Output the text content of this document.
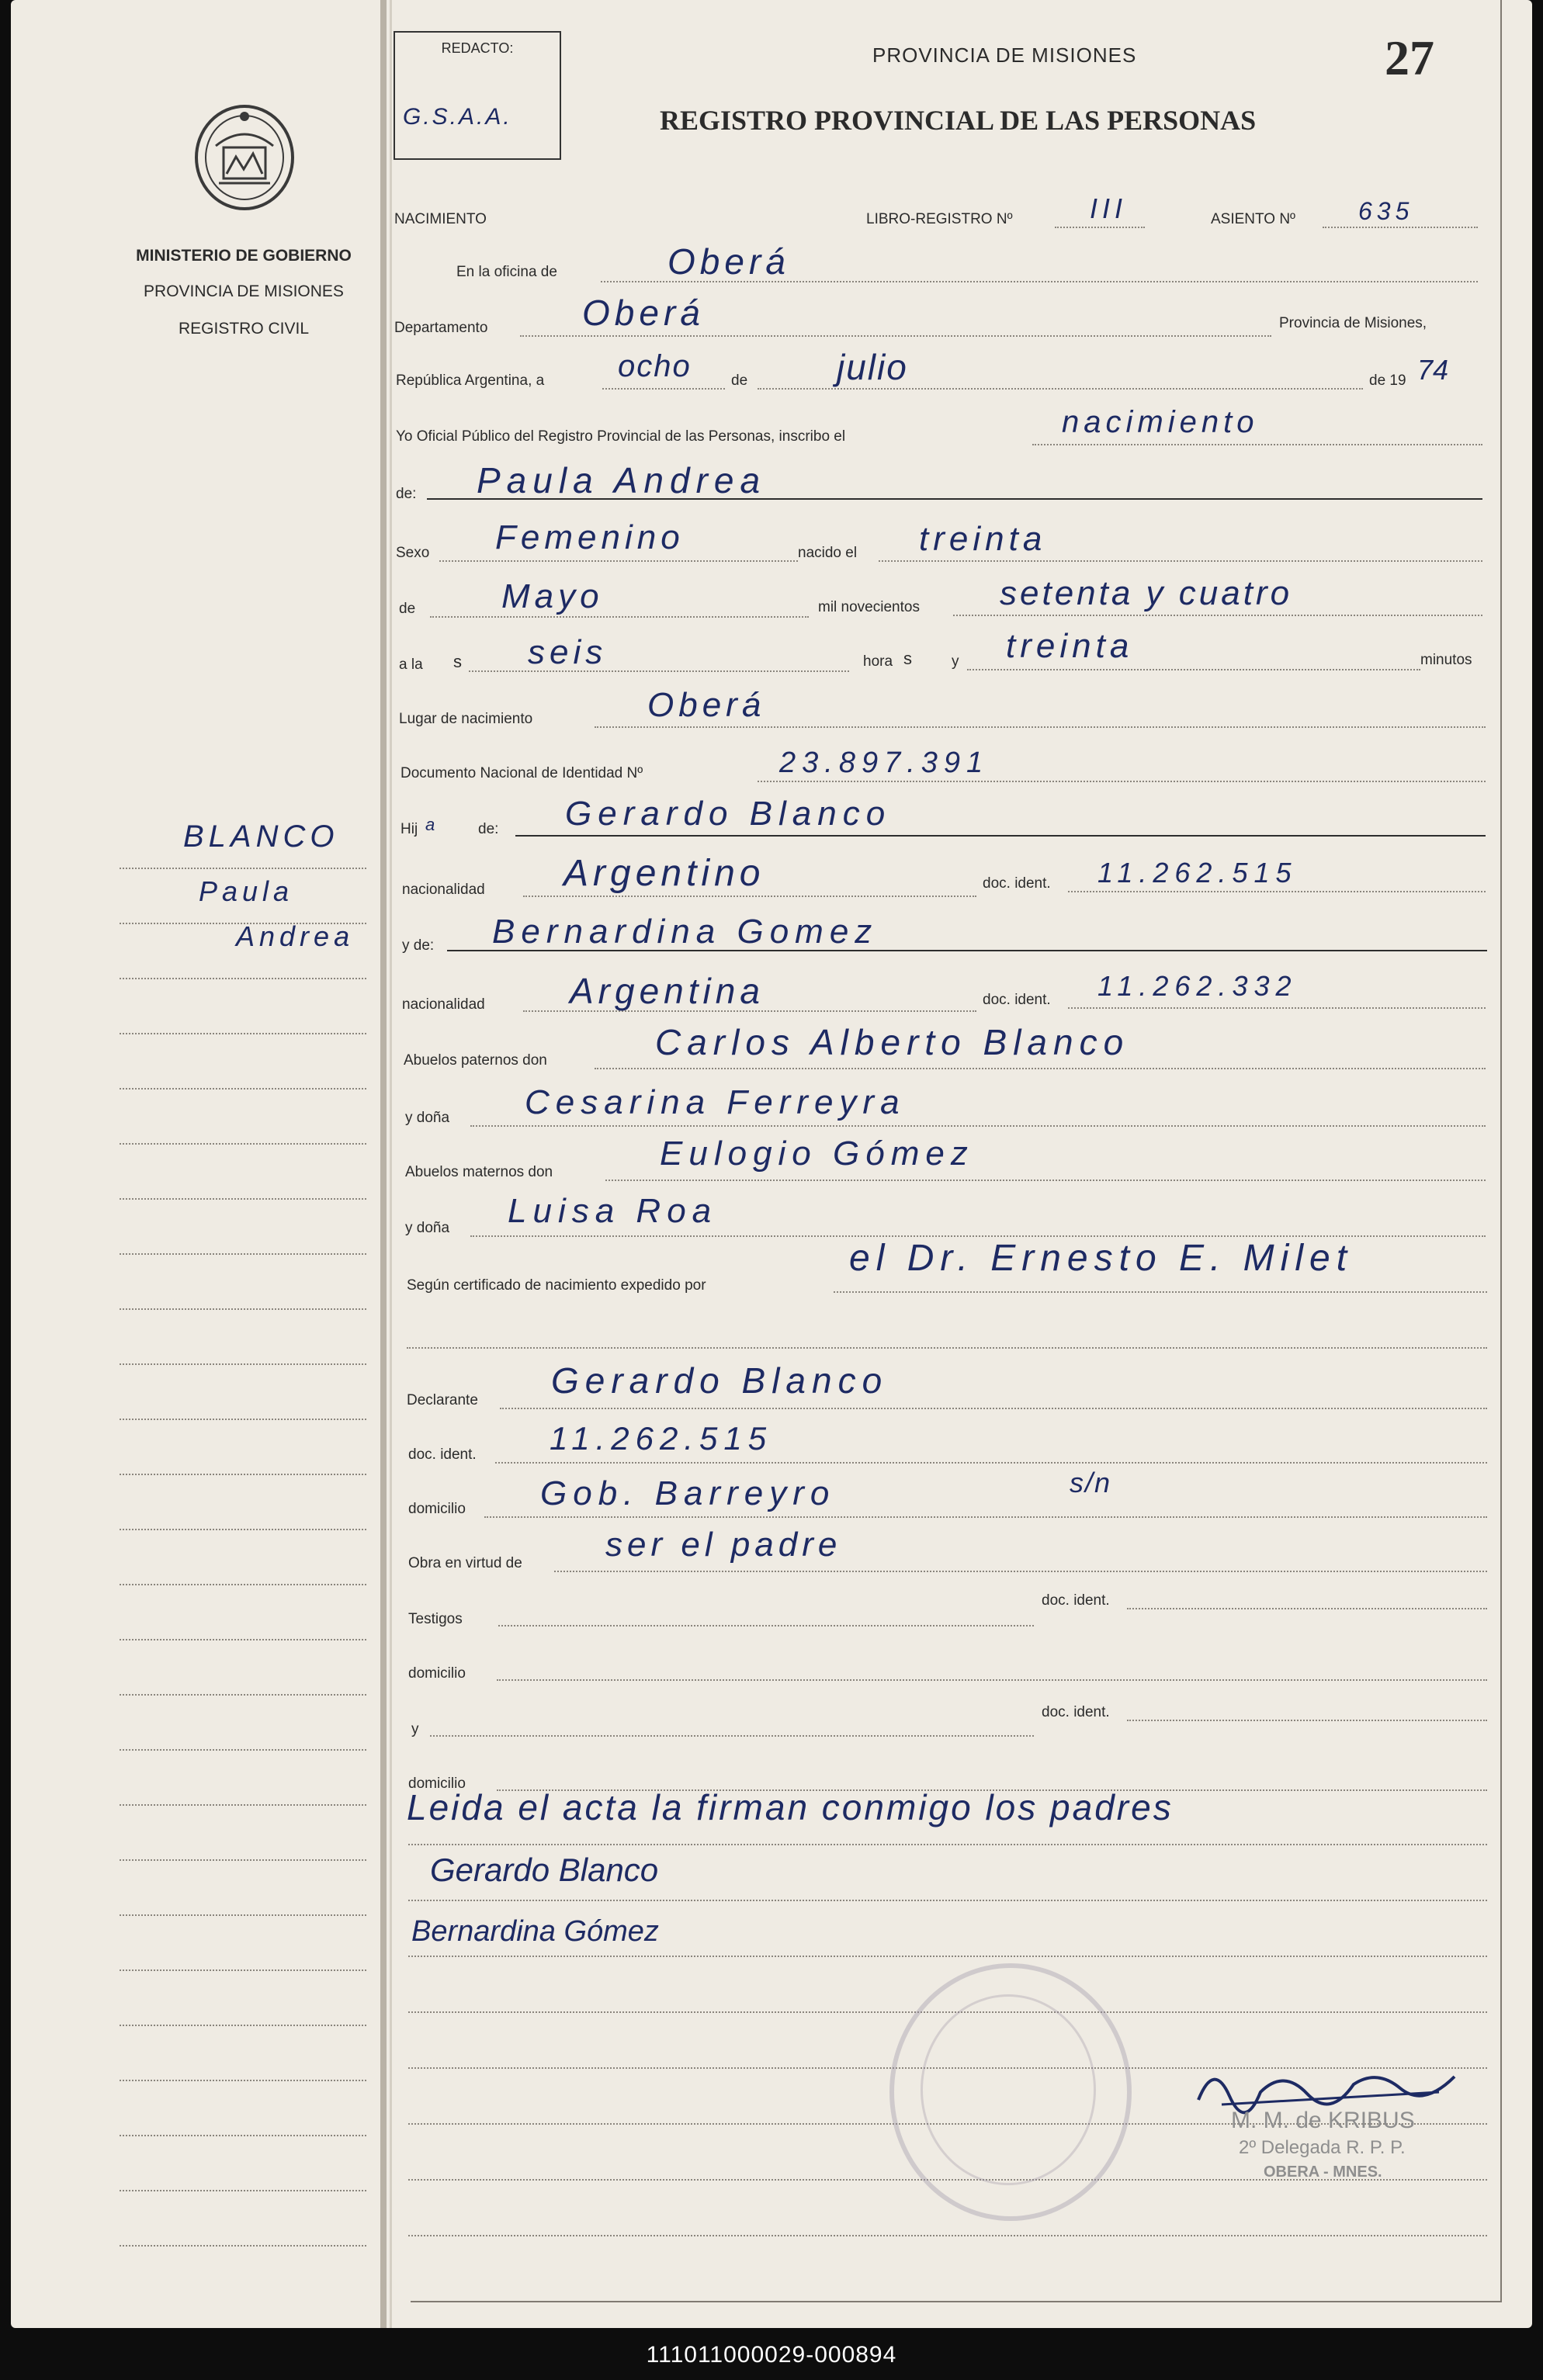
MINISTERIO DE GOBIERNO
PROVINCIA DE MISIONES
REGISTRO CIVIL
BLANCO
Paula
Andrea
REDACTO:
G.S.A.A.
PROVINCIA DE MISIONES
REGISTRO PROVINCIAL DE LAS PERSONAS
27
NACIMIENTO	LIBRO-REGISTRO Nº	III	ASIENTO Nº	635
En la oficina de	Oberá
Departamento	Oberá	Provincia de Misiones,
República Argentina, a ocho	de julio	de 19 74
Yo Oficial Público del Registro Provincial de las Personas, inscribo el	nacimiento
de: Paula Andrea
Sexo Femenino	nacido el treinta
de	Mayo	mil novecientos setenta y cuatro
a la s seis	hora s	y treinta	minutos
Lugar de nacimiento	Oberá
Documento Nacional de Identidad Nº	23.897.391
Hij a	de: Gerardo Blanco
nacionalidad Argentino	doc. ident. 11.262.515
y de: Bernardina Gomez
nacionalidad Argentina	doc. ident. 11.262.332
Abuelos paternos don	Carlos Alberto Blanco
y doña Cesarina Ferreyra
Abuelos maternos don	Eulogio Gómez
y doña Luisa Roa
Según certificado de nacimiento expedido por
el Dr. Ernesto E. Milet
Declarante Gerardo Blanco
doc. ident. 11.262.515
domicilio Gob. Barreyro	s/n
Obra en virtud de ser el padre
Testigos
doc. ident.
domicilio
y
doc. ident.
domicilio
Leida el acta la firman conmigo los padres
Gerardo Blanco
Bernardina Gómez
M. M. de KRIBUS
2º Delegada R. P. P.
OBERA - MNES.
111011000029-000894
